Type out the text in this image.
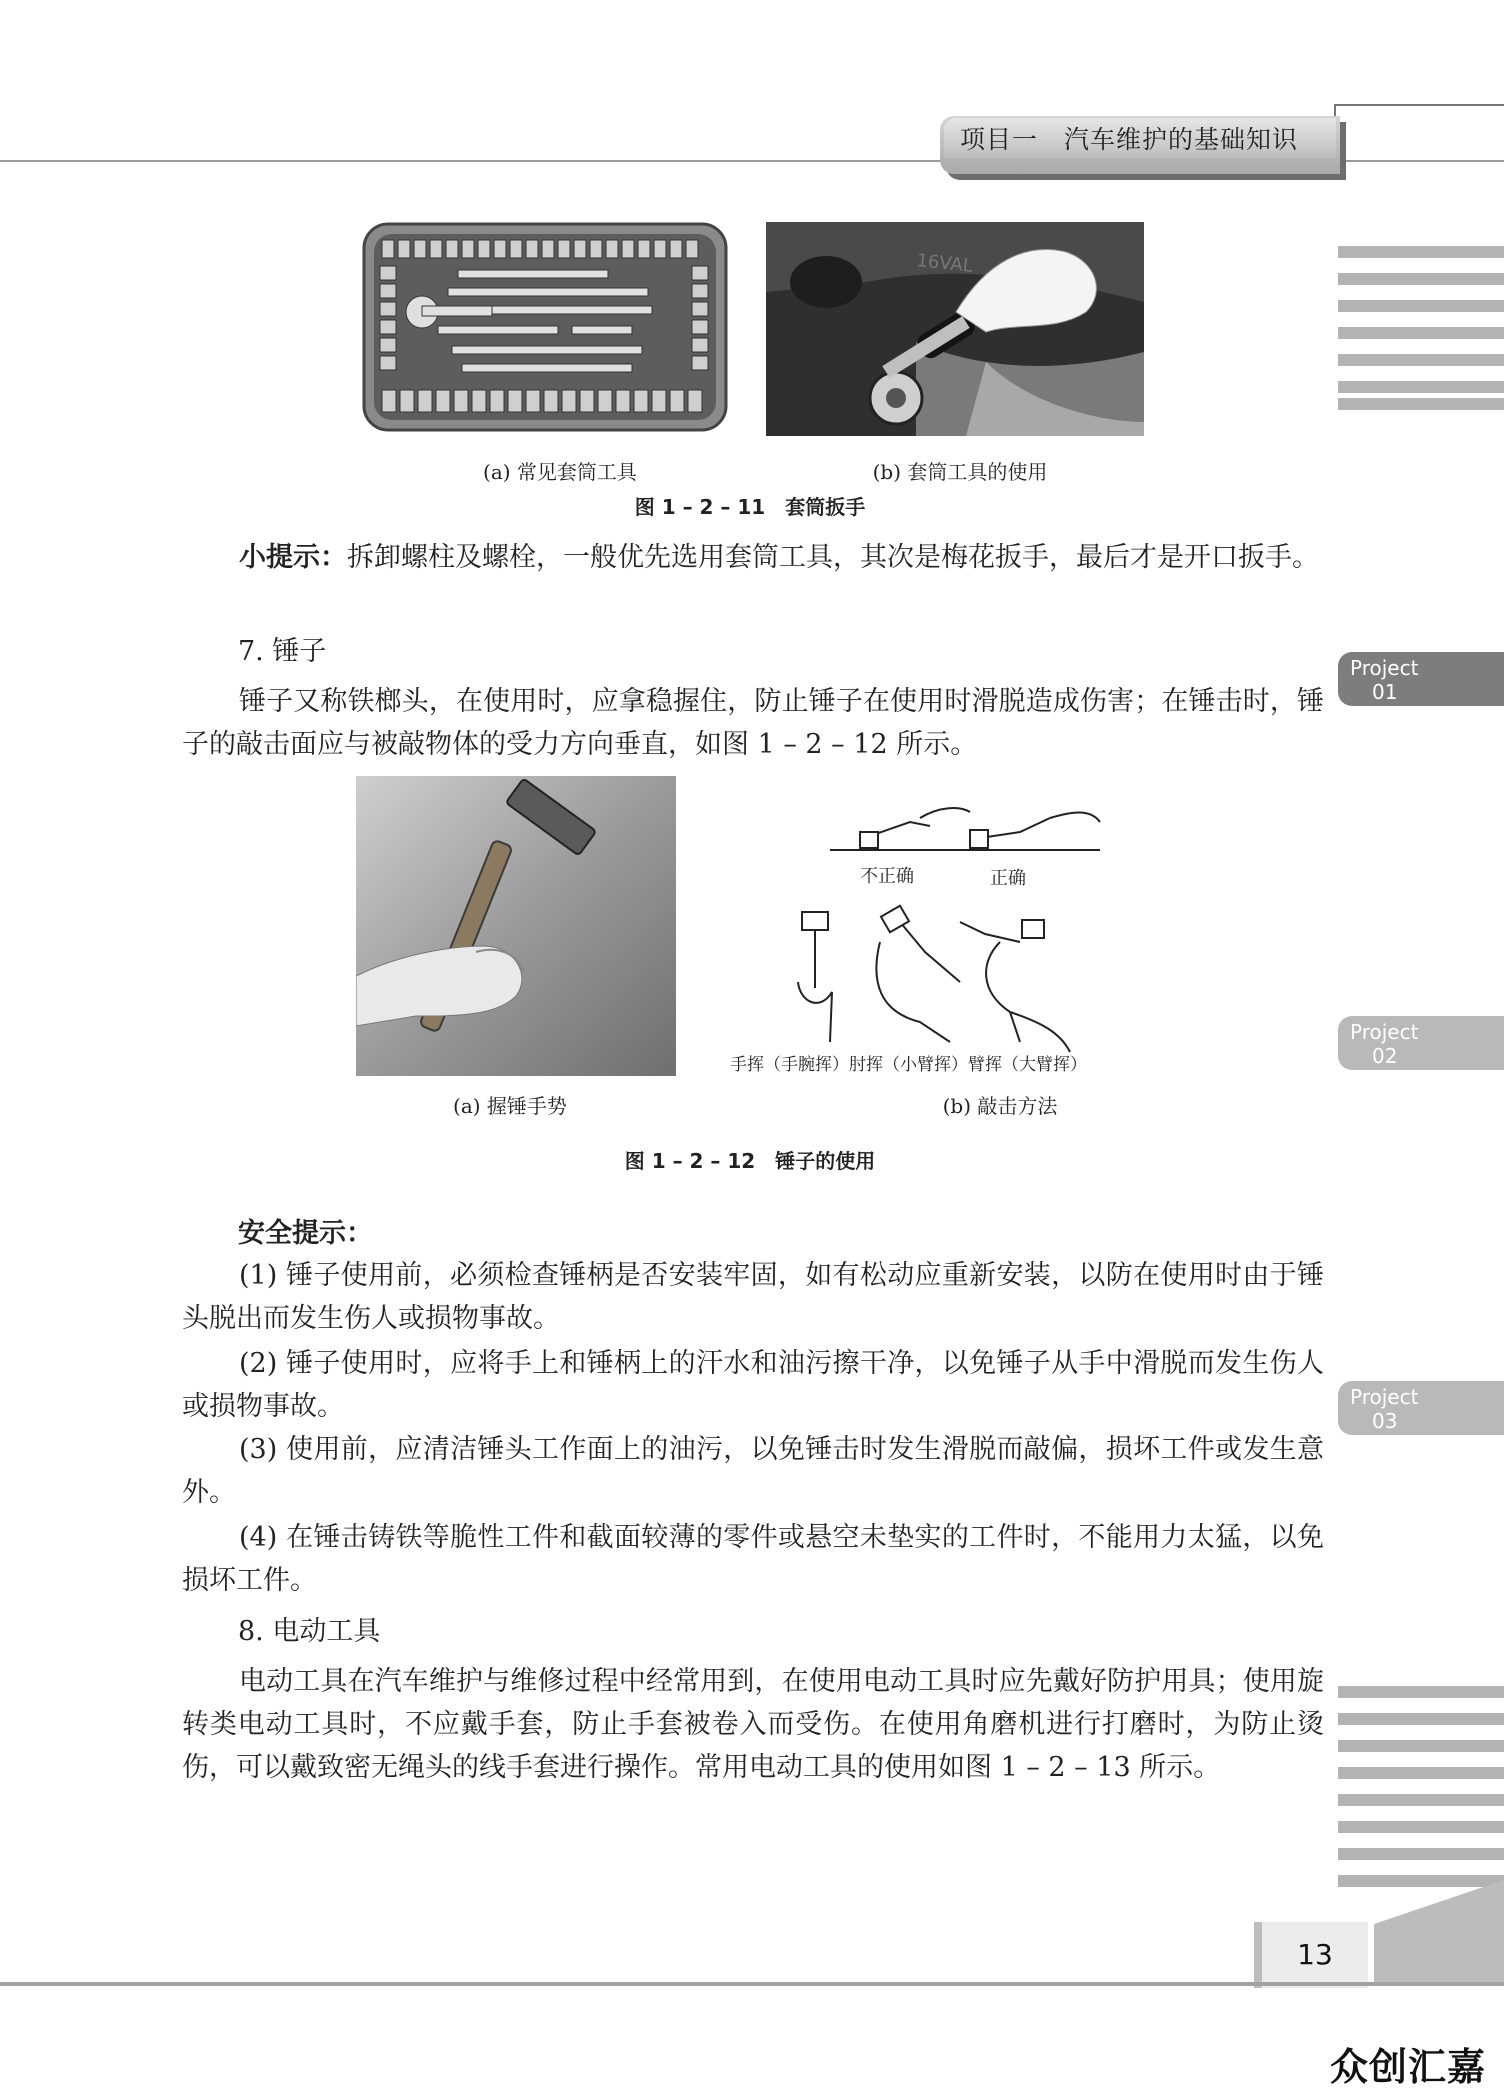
项目一　汽车维护的基础知识
Project
01
Project
02
Project
03
16VAL
(a) 常见套筒工具	(b) 套筒工具的使用
图 1 – 2 – 11　套筒扳手
小提示：拆卸螺柱及螺栓，一般优先选用套筒工具，其次是梅花扳手，最后才是开口扳手。
7. 锤子
锤子又称铁榔头，在使用时，应拿稳握住，防止锤子在使用时滑脱造成伤害；在锤击时，锤子的敲击面应与被敲物体的受力方向垂直，如图 1 – 2 – 12 所示。
不正确	正确
手挥（手腕挥）肘挥（小臂挥）臂挥（大臂挥）
(a) 握锤手势	(b) 敲击方法
图 1 – 2 – 12　锤子的使用
安全提示：
(1) 锤子使用前，必须检查锤柄是否安装牢固，如有松动应重新安装，以防在使用时由于锤头脱出而发生伤人或损物事故。
(2) 锤子使用时，应将手上和锤柄上的汗水和油污擦干净，以免锤子从手中滑脱而发生伤人或损物事故。
(3) 使用前，应清洁锤头工作面上的油污，以免锤击时发生滑脱而敲偏，损坏工件或发生意外。
(4) 在锤击铸铁等脆性工件和截面较薄的零件或悬空未垫实的工件时，不能用力太猛，以免损坏工件。
8. 电动工具
电动工具在汽车维护与维修过程中经常用到，在使用电动工具时应先戴好防护用具；使用旋转类电动工具时，不应戴手套，防止手套被卷入而受伤。在使用角磨机进行打磨时，为防止烫伤，可以戴致密无绳头的线手套进行操作。常用电动工具的使用如图 1 – 2 – 13 所示。
13
众创汇嘉
